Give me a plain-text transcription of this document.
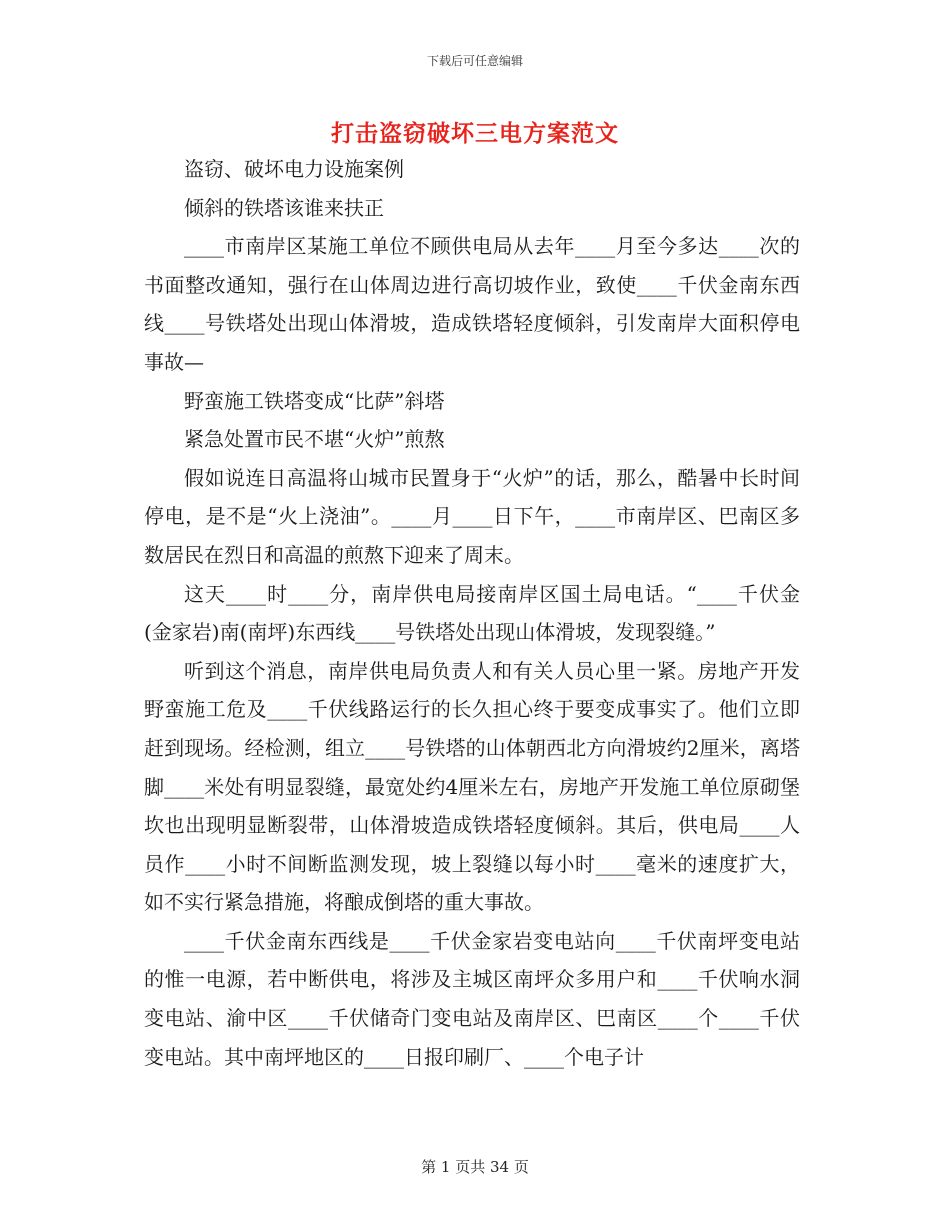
下载后可任意编辑
打击盗窃破坏三电方案范文

盗窃、破坏电力设施案例

倾斜的铁塔该谁来扶正

____市南岸区某施工单位不顾供电局从去年____月至今多达____次的书面整改通知，强行在山体周边进行高切坡作业，致使____千伏金南东西线____号铁塔处出现山体滑坡，造成铁塔轻度倾斜，引发南岸大面积停电事故—

野蛮施工铁塔变成“比萨”斜塔

紧急处置市民不堪“火炉”煎熬

假如说连日高温将山城市民置身于“火炉”的话，那么，酷暑中长时间停电，是不是“火上浇油”。____月____日下午，____市南岸区、巴南区多数居民在烈日和高温的煎熬下迎来了周末。

这天____时____分，南岸供电局接南岸区国土局电话。“____千伏金(金家岩)南(南坪)东西线____号铁塔处出现山体滑坡，发现裂缝。”

听到这个消息，南岸供电局负责人和有关人员心里一紧。房地产开发野蛮施工危及____千伏线路运行的长久担心终于要变成事实了。他们立即赶到现场。经检测，组立____号铁塔的山体朝西北方向滑坡约2厘米，离塔脚____米处有明显裂缝，最宽处约4厘米左右，房地产开发施工单位原砌堡坎也出现明显断裂带，山体滑坡造成铁塔轻度倾斜。其后，供电局____人员作____小时不间断监测发现，坡上裂缝以每小时____毫米的速度扩大，如不实行紧急措施，将酿成倒塔的重大事故。

____千伏金南东西线是____千伏金家岩变电站向____千伏南坪变电站的惟一电源，若中断供电，将涉及主城区南坪众多用户和____千伏响水洞变电站、渝中区____千伏储奇门变电站及南岸区、巴南区____个____千伏变电站。其中南坪地区的____日报印刷厂、____个电子计

第 1 页共 34 页
